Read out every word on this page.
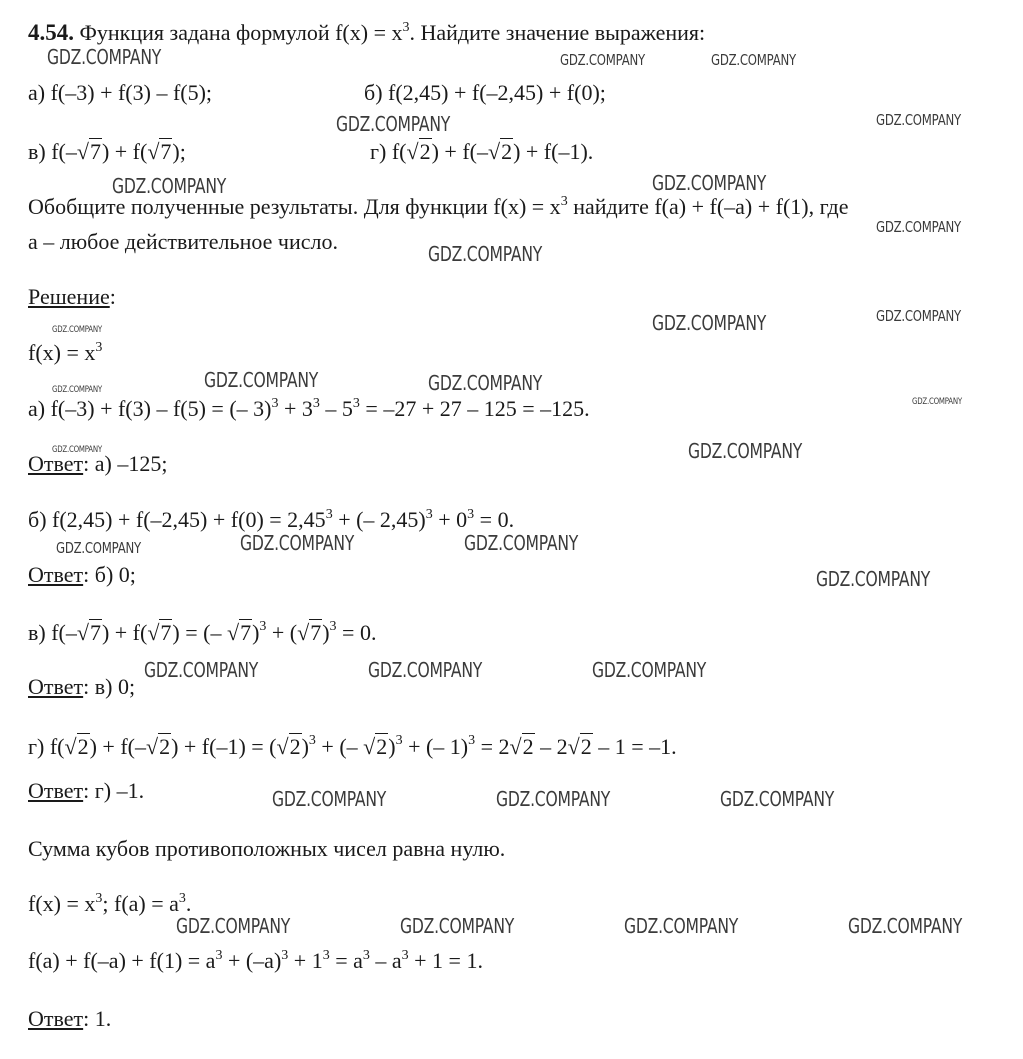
4.54. Функция задана формулой $f(x) = x^3$. Найдите значение выражения:
а) f(–3) + f(3) – f(5);	б) f(2,45) + f(–2,45) + f(0);
в) f(–√7) + f(√7);	г) f(√2) + f(–√2) + f(–1).
Обобщите полученные результаты. Для функции $f(x) = x^3$ найдите f(a) + f(–a) + f(1), где
a – любое действительное число.
Решение:
$f(x) = x^3$
а) f(–3) + f(3) – f(5) = (– $3)^3 + 3^3 - 5^3 = -27 + 27 - 125 = -125$.
Ответ: а) –125;
б) $f(2,45) + f(-2,45) + f(0) = 2,45^3$ + (– $2,45)^3 + 0^3 = 0$.
Ответ: б) 0;
в) f(–√7) + f(√7) = (– $√7)^3 + (√7)^3 = 0$.
Ответ: в) 0;
г) $f(√2) + f(-√2) + f(-1) = (√2)^3$ + (– √2)$^3$ + (– 1)$^3$ = 2√2 – 2√2 – 1 = –1.
Ответ: г) –1.
Сумма кубов противоположных чисел равна нулю.
$f(x) = x^3$; $f(a) = a^3$.
$f(a) + f(-a) + f(1) = a^3 + (-a)^3 + 1^3 = a^3 - a^3 + 1 = 1$.
Ответ: 1.
GDZ.COMPANY	GDZ.COMPANY	GDZ.COMPANY
GDZ.COMPANY	GDZ.COMPANY
GDZ.COMPANY	GDZ.COMPANY
GDZ.COMPANY
GDZ.COMPANY
GDZ.COMPANY	GDZ.COMPANY
GDZ.COMPANY
GDZ.COMPANY	GDZ.COMPANY
GDZ.COMPANY
GDZ.COMPANY
GDZ.COMPANY
GDZ.COMPANY
GDZ.COMPANY	GDZ.COMPANY	GDZ.COMPANY
GDZ.COMPANY
GDZ.COMPANY	GDZ.COMPANY	GDZ.COMPANY
GDZ.COMPANY	GDZ.COMPANY	GDZ.COMPANY
GDZ.COMPANY	GDZ.COMPANY	GDZ.COMPANY	GDZ.COMPANY
